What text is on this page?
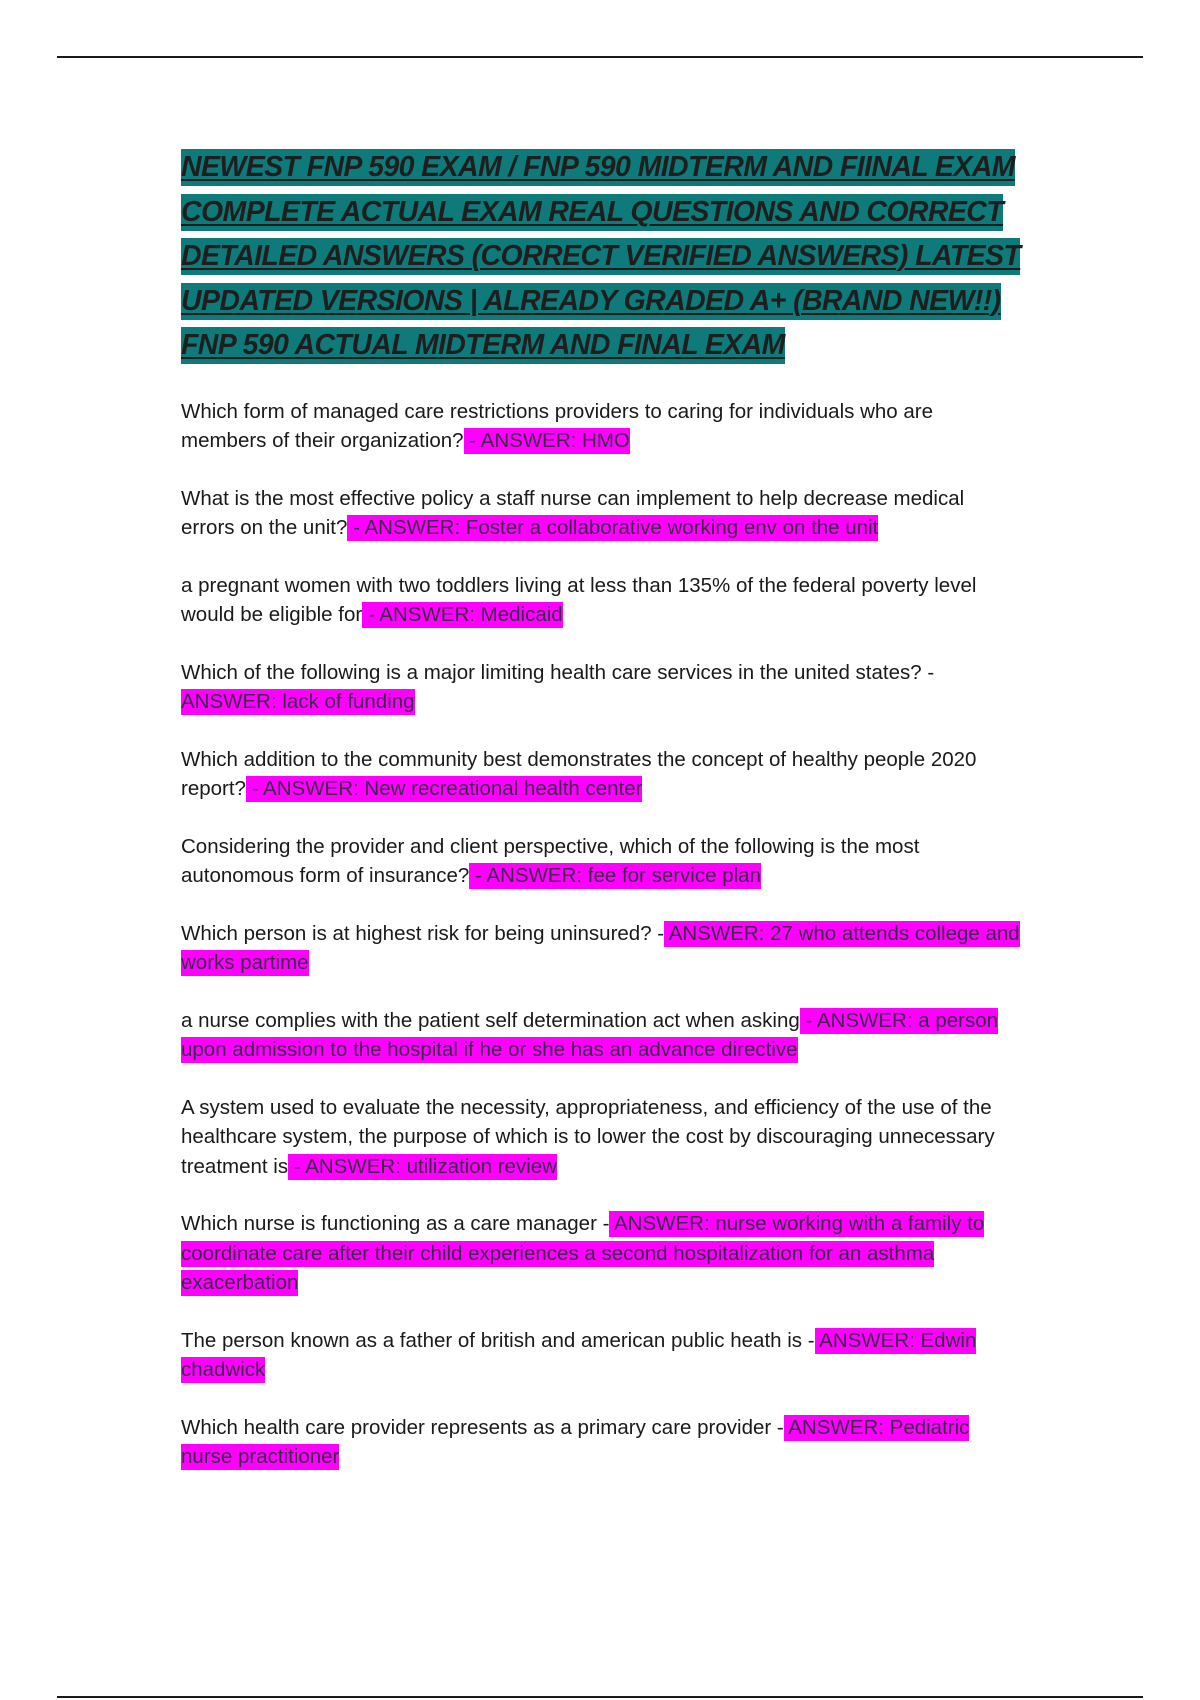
NEWEST FNP 590 EXAM / FNP 590 MIDTERM AND FIINAL EXAM COMPLETE ACTUAL EXAM REAL QUESTIONS AND CORRECT DETAILED ANSWERS (CORRECT VERIFIED ANSWERS) LATEST UPDATED VERSIONS | ALREADY GRADED A+ (BRAND NEW!!) FNP 590 ACTUAL MIDTERM AND FINAL EXAM

Which form of managed care restrictions providers to caring for individuals who are members of their organization? - ANSWER: HMO

What is the most effective policy a staff nurse can implement to help decrease medical errors on the unit? - ANSWER: Foster a collaborative working env on the unit

a pregnant women with two toddlers living at less than 135% of the federal poverty level would be eligible for - ANSWER: Medicaid

Which of the following is a major limiting health care services in the united states? - ANSWER: lack of funding

Which addition to the community best demonstrates the concept of healthy people 2020 report? - ANSWER: New recreational health center

Considering the provider and client perspective, which of the following is the most autonomous form of insurance? - ANSWER: fee for service plan

Which person is at highest risk for being uninsured? - ANSWER: 27 who attends college and works partime

a nurse complies with the patient self determination act when asking - ANSWER: a person upon admission to the hospital if he or she has an advance directive

A system used to evaluate the necessity, appropriateness, and efficiency of the use of the healthcare system, the purpose of which is to lower the cost by discouraging unnecessary treatment is - ANSWER: utilization review

Which nurse is functioning as a care manager - ANSWER: nurse working with a family to coordinate care after their child experiences a second hospitalization for an asthma exacerbation

The person known as a father of british and american public heath is - ANSWER: Edwin chadwick

Which health care provider represents as a primary care provider - ANSWER: Pediatric nurse practitioner
